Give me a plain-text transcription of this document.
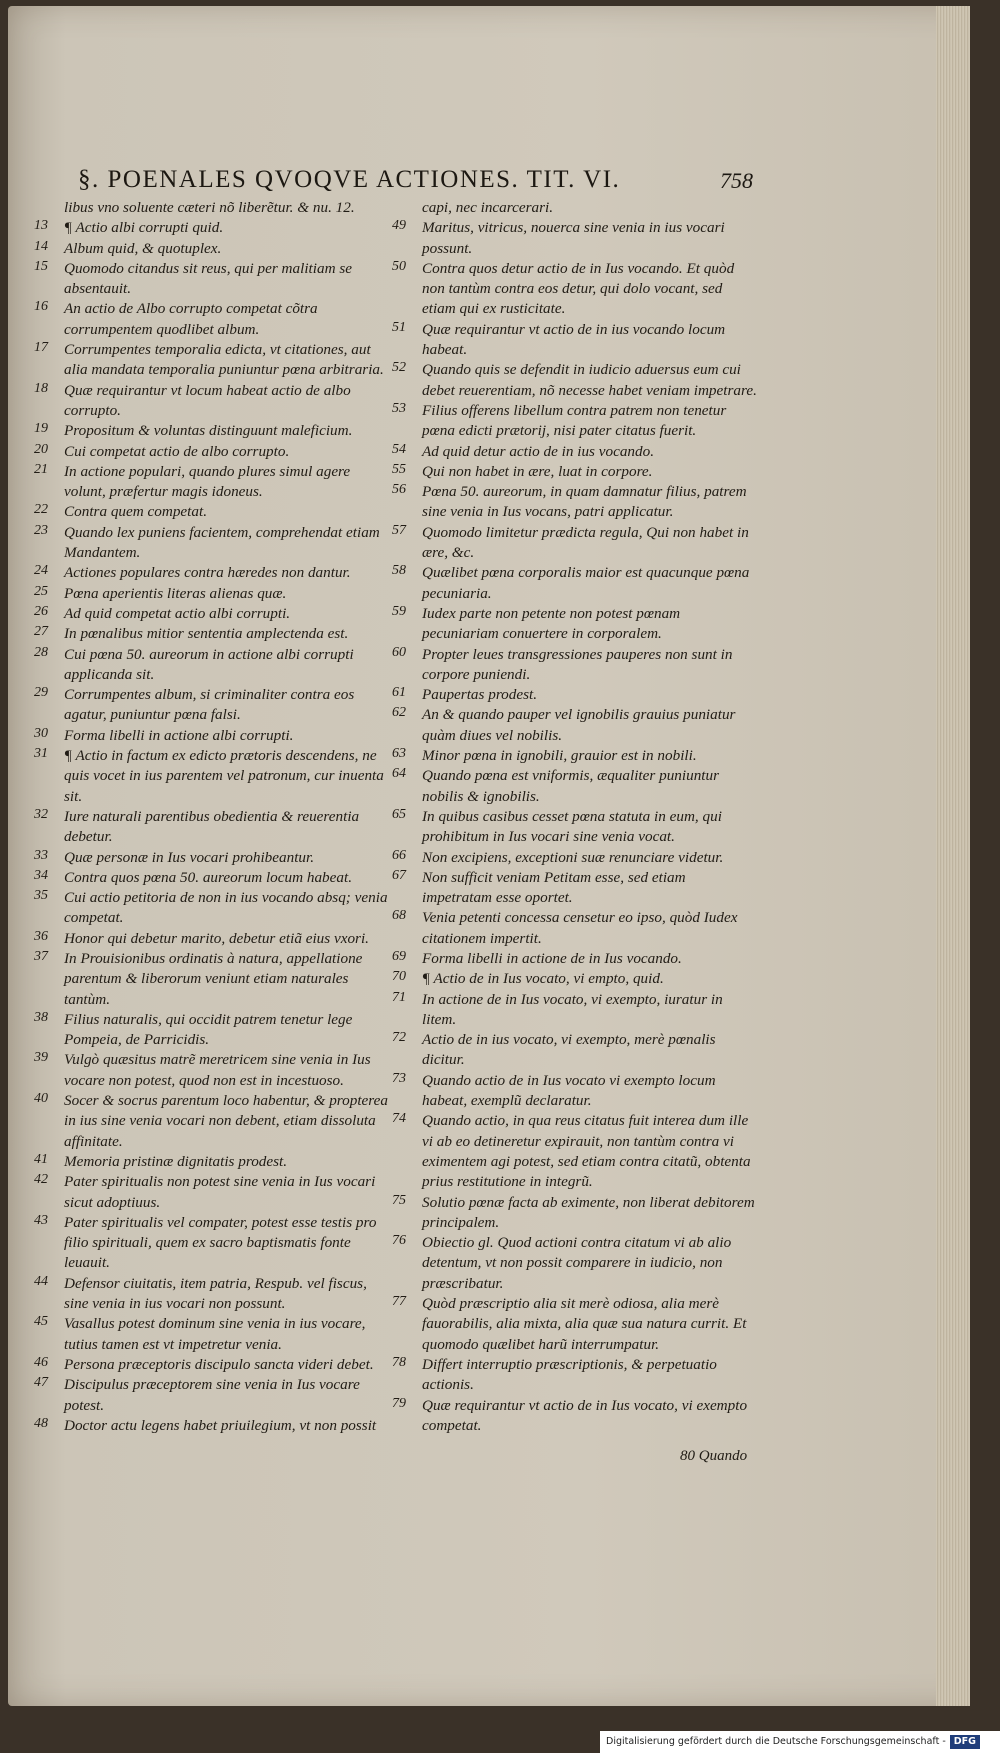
§. POENALES QVOQVE ACTIONES. TIT. VI.	758
libus vno soluente cæteri nõ liberẽtur. & nu. 12.
13	¶ Actio albi corrupti quid.
14	Album quid, & quotuplex.
15	Quomodo citandus sit reus, qui per malitiam se absentauit.
16	An actio de Albo corrupto competat cõtra corrumpentem quodlibet album.
17	Corrumpentes temporalia edicta, vt citationes, aut alia mandata temporalia puniuntur pœna arbitraria.
18	Quæ requirantur vt locum habeat actio de albo corrupto.
19	Propositum & voluntas distinguunt maleficium.
20	Cui competat actio de albo corrupto.
21	In actione populari, quando plures simul agere volunt, præfertur magis idoneus.
22	Contra quem competat.
23	Quando lex puniens facientem, comprehendat etiam Mandantem.
24	Actiones populares contra hæredes non dantur.
25	Pœna aperientis literas alienas quæ.
26	Ad quid competat actio albi corrupti.
27	In pœnalibus mitior sententia amplectenda est.
28	Cui pœna 50. aureorum in actione albi corrupti applicanda sit.
29	Corrumpentes album, si criminaliter contra eos agatur, puniuntur pœna falsi.
30	Forma libelli in actione albi corrupti.
31	¶ Actio in factum ex edicto prætoris descendens, ne quis vocet in ius parentem vel patronum, cur inuenta sit.
32	Iure naturali parentibus obedientia & reuerentia debetur.
33	Quæ personæ in Ius vocari prohibeantur.
34	Contra quos pœna 50. aureorum locum habeat.
35	Cui actio petitoria de non in ius vocando absq; venia competat.
36	Honor qui debetur marito, debetur etiã eius vxori.
37	In Prouisionibus ordinatis à natura, appellatione parentum & liberorum veniunt etiam naturales tantùm.
38	Filius naturalis, qui occidit patrem tenetur lege Pompeia, de Parricidis.
39	Vulgò quæsitus matrẽ meretricem sine venia in Ius vocare non potest, quod non est in incestuoso.
40	Socer & socrus parentum loco habentur, & propterea in ius sine venia vocari non debent, etiam dissoluta affinitate.
41	Memoria pristinæ dignitatis prodest.
42	Pater spiritualis non potest sine venia in Ius vocari sicut adoptiuus.
43	Pater spiritualis vel compater, potest esse testis pro filio spirituali, quem ex sacro baptismatis fonte leuauit.
44	Defensor ciuitatis, item patria, Respub. vel fiscus, sine venia in ius vocari non possunt.
45	Vasallus potest dominum sine venia in ius vocare, tutius tamen est vt impetretur venia.
46	Persona præceptoris discipulo sancta videri debet.
47	Discipulus præceptorem sine venia in Ius vocare potest.
48	Doctor actu legens habet priuilegium, vt non possit
capi, nec incarcerari.
49	Maritus, vitricus, nouerca sine venia in ius vocari possunt.
50	Contra quos detur actio de in Ius vocando. Et quòd non tantùm contra eos detur, qui dolo vocant, sed etiam qui ex rusticitate.
51	Quæ requirantur vt actio de in ius vocando locum habeat.
52	Quando quis se defendit in iudicio aduersus eum cui debet reuerentiam, nõ necesse habet veniam impetrare.
53	Filius offerens libellum contra patrem non tenetur pœna edicti prætorij, nisi pater citatus fuerit.
54	Ad quid detur actio de in ius vocando.
55	Qui non habet in ære, luat in corpore.
56	Pœna 50. aureorum, in quam damnatur filius, patrem sine venia in Ius vocans, patri applicatur.
57	Quomodo limitetur prædicta regula, Qui non habet in ære, &c.
58	Quælibet pœna corporalis maior est quacunque pœna pecuniaria.
59	Iudex parte non petente non potest pœnam pecuniariam conuertere in corporalem.
60	Propter leues transgressiones pauperes non sunt in corpore puniendi.
61	Paupertas prodest.
62	An & quando pauper vel ignobilis grauius puniatur quàm diues vel nobilis.
63	Minor pœna in ignobili, grauior est in nobili.
64	Quando pœna est vniformis, æqualiter puniuntur nobilis & ignobilis.
65	In quibus casibus cesset pœna statuta in eum, qui prohibitum in Ius vocari sine venia vocat.
66	Non excipiens, exceptioni suæ renunciare videtur.
67	Non sufficit veniam Petitam esse, sed etiam impetratam esse oportet.
68	Venia petenti concessa censetur eo ipso, quòd Iudex citationem impertit.
69	Forma libelli in actione de in Ius vocando.
70	¶ Actio de in Ius vocato, vi empto, quid.
71	In actione de in Ius vocato, vi exempto, iuratur in litem.
72	Actio de in ius vocato, vi exempto, merè pœnalis dicitur.
73	Quando actio de in Ius vocato vi exempto locum habeat, exemplũ declaratur.
74	Quando actio, in qua reus citatus fuit interea dum ille vi ab eo detineretur expirauit, non tantùm contra vi eximentem agi potest, sed etiam contra citatũ, obtenta prius restitutione in integrũ.
75	Solutio pœnæ facta ab eximente, non liberat debitorem principalem.
76	Obiectio gl. Quod actioni contra citatum vi ab alio detentum, vt non possit comparere in iudicio, non præscribatur.
77	Quòd præscriptio alia sit merè odiosa, alia merè fauorabilis, alia mixta, alia quæ sua natura currit. Et quomodo quælibet harũ interrumpatur.
78	Differt interruptio præscriptionis, & perpetuatio actionis.
79	Quæ requirantur vt actio de in Ius vocato, vi exempto competat.
80 Quando
Digitalisierung gefördert durch die Deutsche Forschungsgemeinschaft - DFG
